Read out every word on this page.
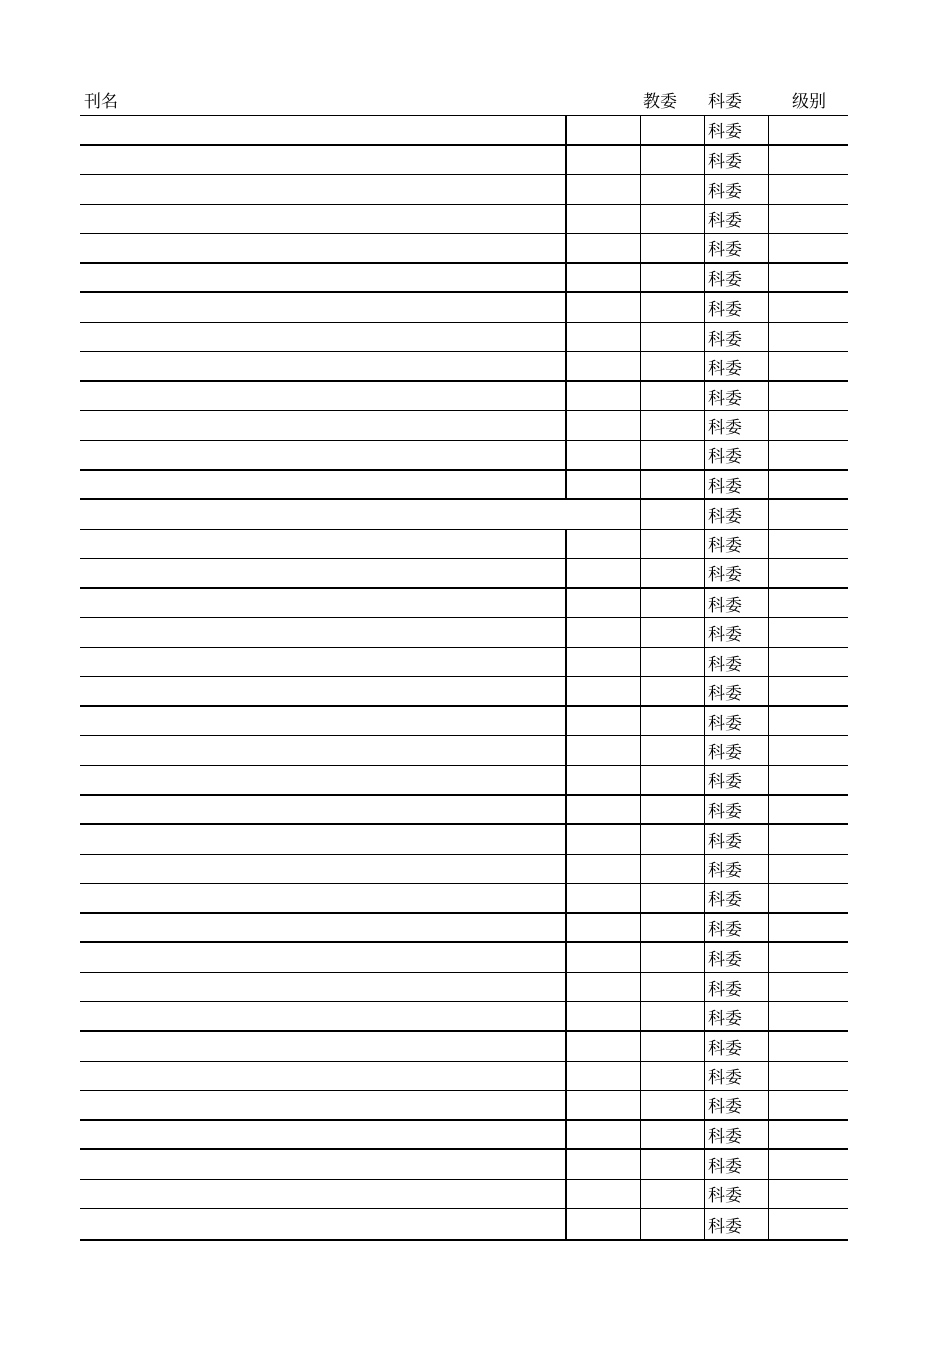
刊名	教委 科委	级别
科委
科委
科委
科委
科委
科委
科委
科委
科委
科委
科委
科委
科委
科委
科委
科委
科委
科委
科委
科委
科委
科委
科委
科委
科委
科委
科委
科委
科委
科委
科委
科委
科委
科委
科委
科委
科委
科委
